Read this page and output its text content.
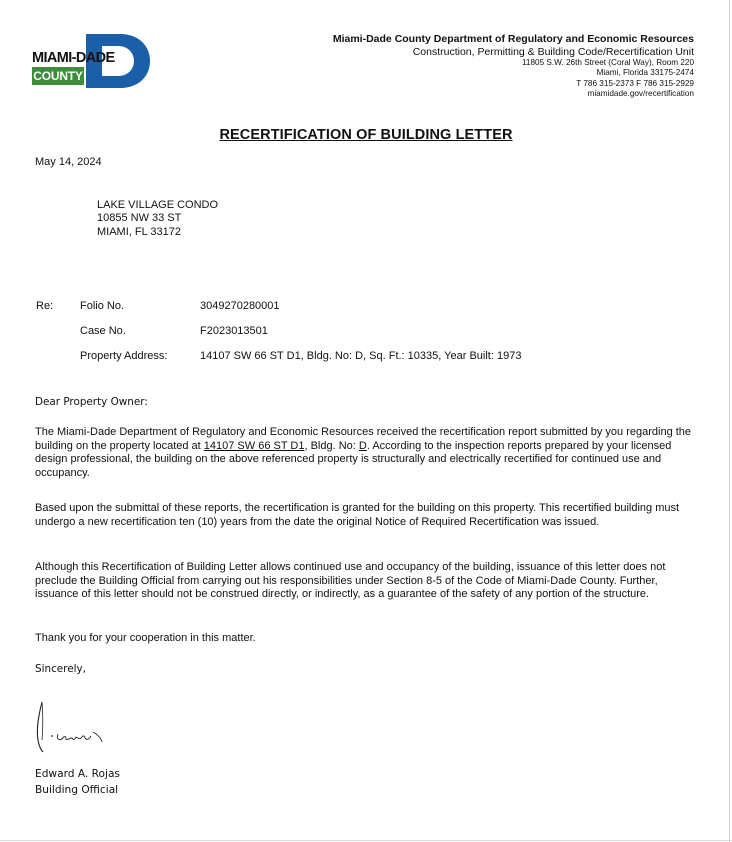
MIAMI-DADE
COUNTY
Miami-Dade County Department of Regulatory and Economic Resources
Construction, Permitting & Building Code/Recertification Unit
11805 S.W. 26th Street (Coral Way), Room 220
Miami, Florida 33175-2474
T 786 315-2373 F 786 315-2929
miamidade.gov/recertification
RECERTIFICATION OF BUILDING LETTER
May 14, 2024
LAKE VILLAGE CONDO
10855 NW 33 ST
MIAMI, FL 33172
Re: Folio No.	3049270280001
Case No.	F2023013501
Property Address:	14107 SW 66 ST D1, Bldg. No: D, Sq. Ft.: 10335, Year Built: 1973
Dear Property Owner:
The Miami-Dade Department of Regulatory and Economic Resources received the recertification report submitted by you regarding the building on the property located at 14107 SW 66 ST D1, Bldg. No: D. According to the inspection reports prepared by your licensed design professional, the building on the above referenced property is structurally and electrically recertified for continued use and occupancy.
Based upon the submittal of these reports, the recertification is granted for the building on this property. This recertified building must undergo a new recertification ten (10) years from the date the original Notice of Required Recertification was issued.
Although this Recertification of Building Letter allows continued use and occupancy of the building, issuance of this letter does not preclude the Building Official from carrying out his responsibilities under Section 8-5 of the Code of Miami-Dade County. Further, issuance of this letter should not be construed directly, or indirectly, as a guarantee of the safety of any portion of the structure.
Thank you for your cooperation in this matter.
Sincerely,
Edward A. Rojas
Building Official
